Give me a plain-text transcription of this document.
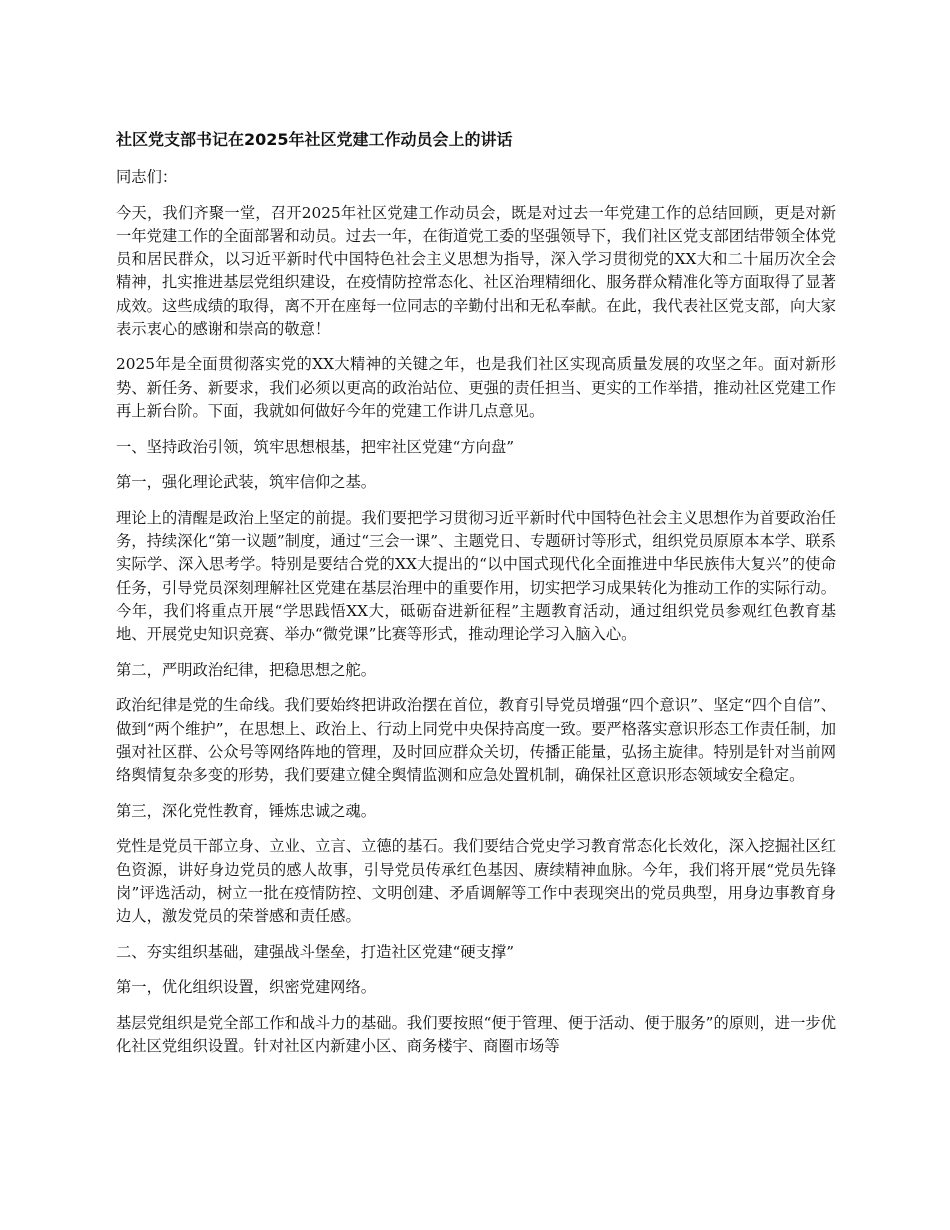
社区党支部书记在2025年社区党建工作动员会上的讲话

同志们：

今天，我们齐聚一堂，召开2025年社区党建工作动员会，既是对过去一年党建工作的总结回顾，更是对新一年党建工作的全面部署和动员。过去一年，在街道党工委的坚强领导下，我们社区党支部团结带领全体党员和居民群众，以习近平新时代中国特色社会主义思想为指导，深入学习贯彻党的XX大和二十届历次全会精神，扎实推进基层党组织建设，在疫情防控常态化、社区治理精细化、服务群众精准化等方面取得了显著成效。这些成绩的取得，离不开在座每一位同志的辛勤付出和无私奉献。在此，我代表社区党支部，向大家表示衷心的感谢和崇高的敬意！

2025年是全面贯彻落实党的XX大精神的关键之年，也是我们社区实现高质量发展的攻坚之年。面对新形势、新任务、新要求，我们必须以更高的政治站位、更强的责任担当、更实的工作举措，推动社区党建工作再上新台阶。下面，我就如何做好今年的党建工作讲几点意见。

一、坚持政治引领，筑牢思想根基，把牢社区党建“方向盘”

第一，强化理论武装，筑牢信仰之基。

理论上的清醒是政治上坚定的前提。我们要把学习贯彻习近平新时代中国特色社会主义思想作为首要政治任务，持续深化“第一议题”制度，通过“三会一课”、主题党日、专题研讨等形式，组织党员原原本本学、联系实际学、深入思考学。特别是要结合党的XX大提出的“以中国式现代化全面推进中华民族伟大复兴”的使命任务，引导党员深刻理解社区党建在基层治理中的重要作用，切实把学习成果转化为推动工作的实际行动。今年，我们将重点开展“学思践悟XX大，砥砺奋进新征程”主题教育活动，通过组织党员参观红色教育基地、开展党史知识竞赛、举办“微党课”比赛等形式，推动理论学习入脑入心。

第二，严明政治纪律，把稳思想之舵。

政治纪律是党的生命线。我们要始终把讲政治摆在首位，教育引导党员增强“四个意识”、坚定“四个自信”、做到“两个维护”，在思想上、政治上、行动上同党中央保持高度一致。要严格落实意识形态工作责任制，加强对社区群、公众号等网络阵地的管理，及时回应群众关切，传播正能量，弘扬主旋律。特别是针对当前网络舆情复杂多变的形势，我们要建立健全舆情监测和应急处置机制，确保社区意识形态领域安全稳定。

第三，深化党性教育，锤炼忠诚之魂。

党性是党员干部立身、立业、立言、立德的基石。我们要结合党史学习教育常态化长效化，深入挖掘社区红色资源，讲好身边党员的感人故事，引导党员传承红色基因、赓续精神血脉。今年，我们将开展“党员先锋岗”评选活动，树立一批在疫情防控、文明创建、矛盾调解等工作中表现突出的党员典型，用身边事教育身边人，激发党员的荣誉感和责任感。

二、夯实组织基础，建强战斗堡垒，打造社区党建“硬支撑”

第一，优化组织设置，织密党建网络。

基层党组织是党全部工作和战斗力的基础。我们要按照“便于管理、便于活动、便于服务”的原则，进一步优化社区党组织设置。针对社区内新建小区、商务楼宇、商圈市场等
